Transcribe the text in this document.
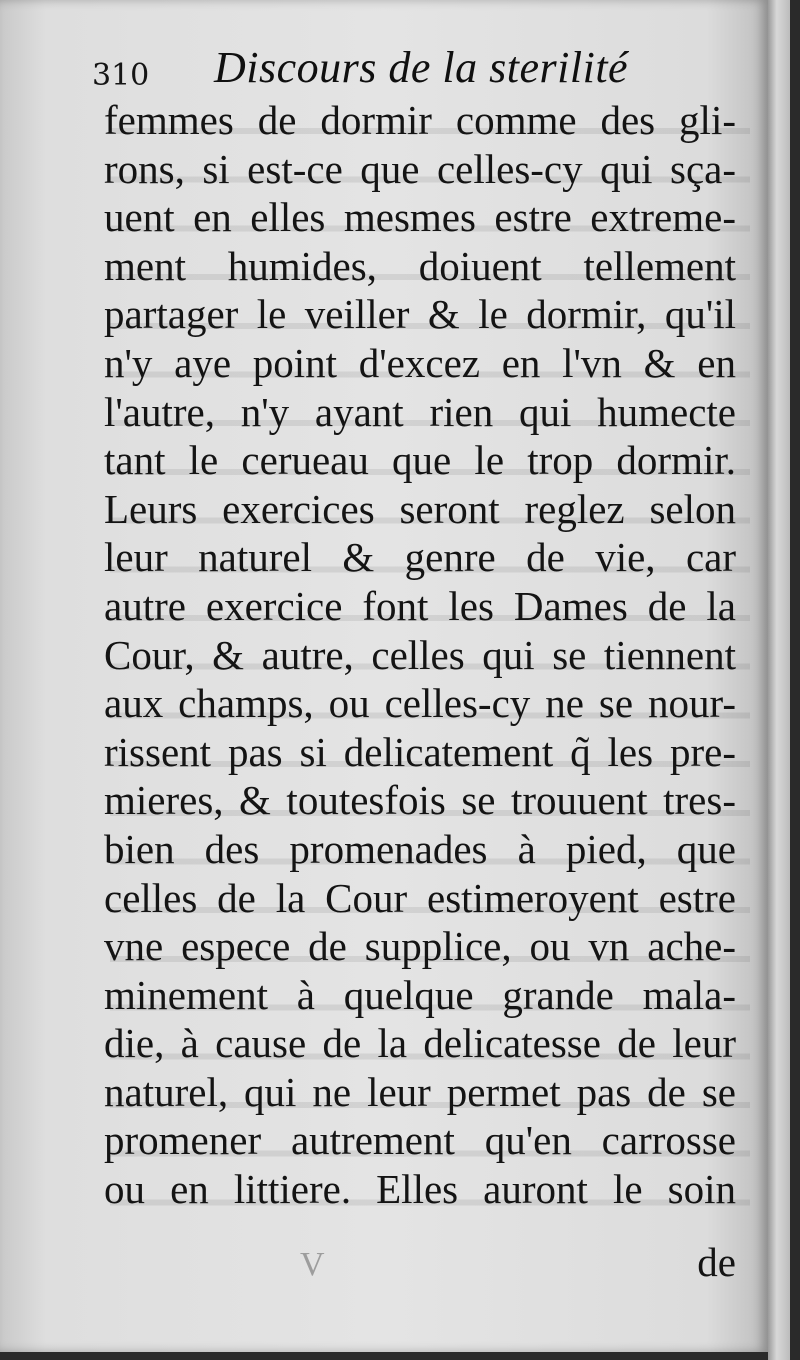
310 Discours de la sterilité
femmes de dormir comme des gli-
rons, si est-ce que celles-cy qui sça-
uent en elles mesmes estre extreme-
ment humides, doiuent tellement
partager le veiller & le dormir, qu'il
n'y aye point d'excez en l'vn & en
l'autre, n'y ayant rien qui humecte
tant le cerueau que le trop dormir.
Leurs exercices seront reglez selon
leur naturel & genre de vie, car
autre exercice font les Dames de la
Cour, & autre, celles qui se tiennent
aux champs, ou celles-cy ne se nour-
rissent pas si delicatement q̃ les pre-
mieres, & toutesfois se trouuent tres-
bien des promenades à pied, que
celles de la Cour estimeroyent estre
vne espece de supplice, ou vn ache-
minement à quelque grande mala-
die, à cause de la delicatesse de leur
naturel, qui ne leur permet pas de se
promener autrement qu'en carrosse
ou en littiere. Elles auront le soin
V	de
